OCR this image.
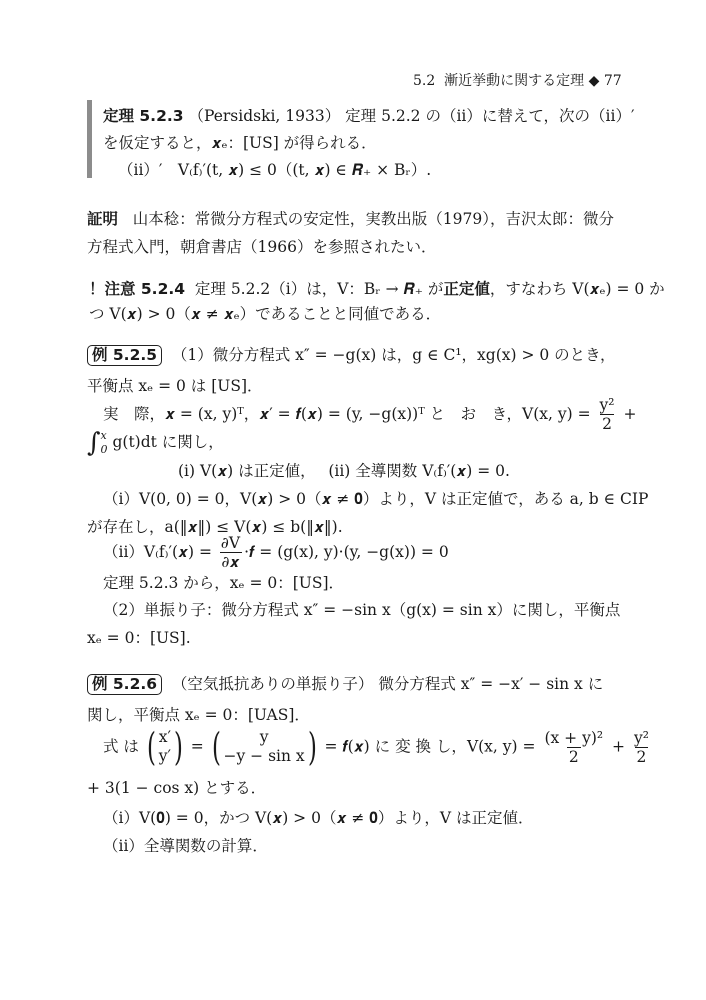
5.2 漸近挙動に関する定理 ◆ 77
定理 5.2.3 （Persidski, 1933） 定理 5.2.2 の（ii）に替えて，次の（ii）′
を仮定すると，𝒙ₑ：[US] が得られる．
（ii）′　V₍f₎′(t, 𝒙) ≤ 0（(t, 𝒙) ∈ 𝑹₊ × Bᵣ）.
証明 山本稔：常微分方程式の安定性，実教出版（1979），吉沢太郎：微分
方程式入門，朝倉書店（1966）を参照されたい．
！注意 5.2.4 定理 5.2.2（i）は，V：Bᵣ → 𝑹₊ が正定値，すなわち V(𝒙ₑ) = 0 か
つ V(𝒙) > 0（𝒙 ≠ 𝒙ₑ）であることと同値である．
例 5.2.5 （1）微分方程式 x″ = −g(x) は，g ∈ C¹，xg(x) > 0 のとき，
平衡点 xₑ = 0 は [US]．
実　際，𝒙 = (x, y)ᵀ，𝒙′ = 𝒇(𝒙) = (y, −g(x))ᵀ と　お　き，V(x, $y) = \frac{\text{y²}}{2}$ +
∫ x
0 g(t)dt に関し，
(i) V(𝒙) は正定値，　 (ii) 全導関数 V₍f₎′(𝒙) = 0.
（i）V(0, 0) = 0，V(𝒙) > 0（𝒙 ≠ 𝟎）より，V は正定値で，ある a, b ∈ CIP
が存在し，a(‖𝒙‖) ≤ V(𝒙) ≤ b(‖𝒙‖).
（ii）V₍f₎′(𝒙) = $\frac{\partial V}{\text{∂𝒙}}$ ·𝒇 = (g(x), y)·(y, −g(x)) = 0
定理 5.2.3 から，xₑ = 0：[US]．
（2）単振り子：微分方程式 x″ = −sin x（g(x) = sin x）に関し，平衡点
xₑ = 0：[US].
例 5.2.6 （空気抵抗ありの単振り子） 微分方程式 x″ = −x′ − sin x に
関し，平衡点 xₑ = 0：[UAS]．
式 は ( x′
y′ ) = (	y
−y − sin x ) = 𝒇(𝒙) に 変 換 し，V(x, $y) = \frac{\text{(x + y)²}}{2} + \frac{\text{y²}}{2}$
+ 3(1 − cos x) とする．
（i）V(𝟎) = 0，かつ V(𝒙) > 0（𝒙 ≠ 𝟎）より，V は正定値．
（ii）全導関数の計算．
